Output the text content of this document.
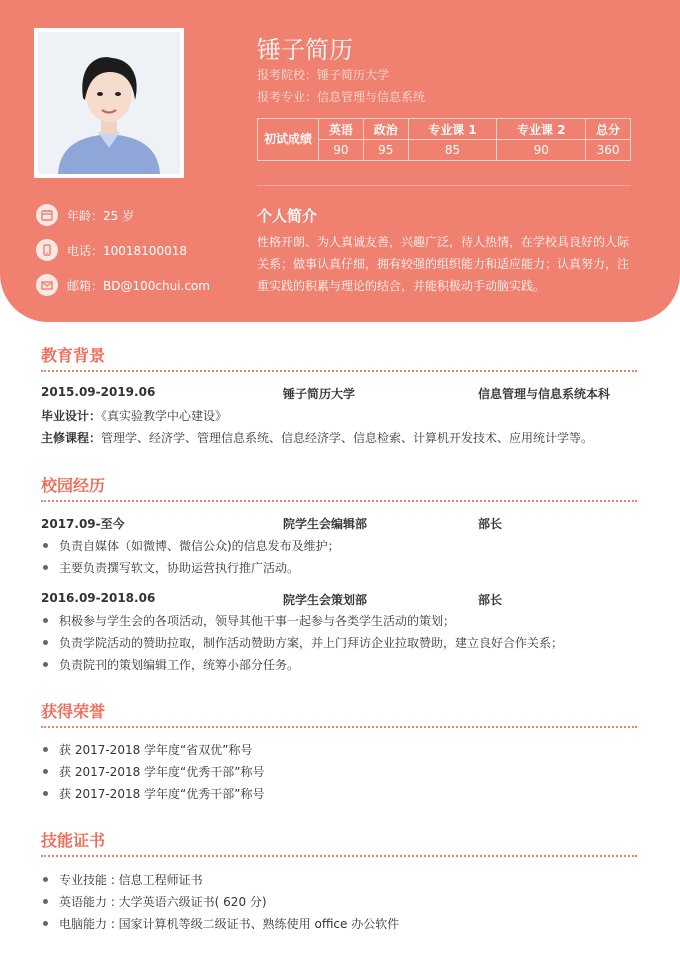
锤子简历
报考院校：锤子简历大学
报考专业：信息管理与信息系统
初试成绩	英语	政治	专业课 1	专业课 2	总分
	90	95	85	90	360
年龄：25 岁
电话：10018100018
邮箱：BD@100chui.com
个人简介
性格开朗、为人真诚友善，兴趣广泛，待人热情，在学校具良好的人际关系；做事认真仔细，拥有较强的组织能力和适应能力；认真努力，注重实践的积累与理论的结合，并能积极动手动脑实践。
教育背景
2015.09-2019.06	锤子简历大学	信息管理与信息系统本科
毕业设计：《真实验教学中心建设》
主修课程：管理学、经济学、管理信息系统、信息经济学、信息检索、计算机开发技术、应用统计学等。
校园经历
2017.09-至今	院学生会编辑部	部长
负责自媒体（如微博、微信公众)的信息发布及维护；
主要负责撰写软文，协助运营执行推广活动。
2016.09-2018.06	院学生会策划部	部长
积极参与学生会的各项活动，领导其他干事一起参与各类学生活动的策划；
负责学院活动的赞助拉取，制作活动赞助方案，并上门拜访企业拉取赞助，建立良好合作关系；
负责院刊的策划编辑工作，统筹小部分任务。
获得荣誉
获 2017-2018 学年度“省双优”称号
获 2017-2018 学年度“优秀干部”称号
获 2017-2018 学年度“优秀干部”称号
技能证书
专业技能 : 信息工程师证书
英语能力 : 大学英语六级证书( 620 分)
电脑能力 : 国家计算机等级二级证书、熟练使用 office 办公软件
